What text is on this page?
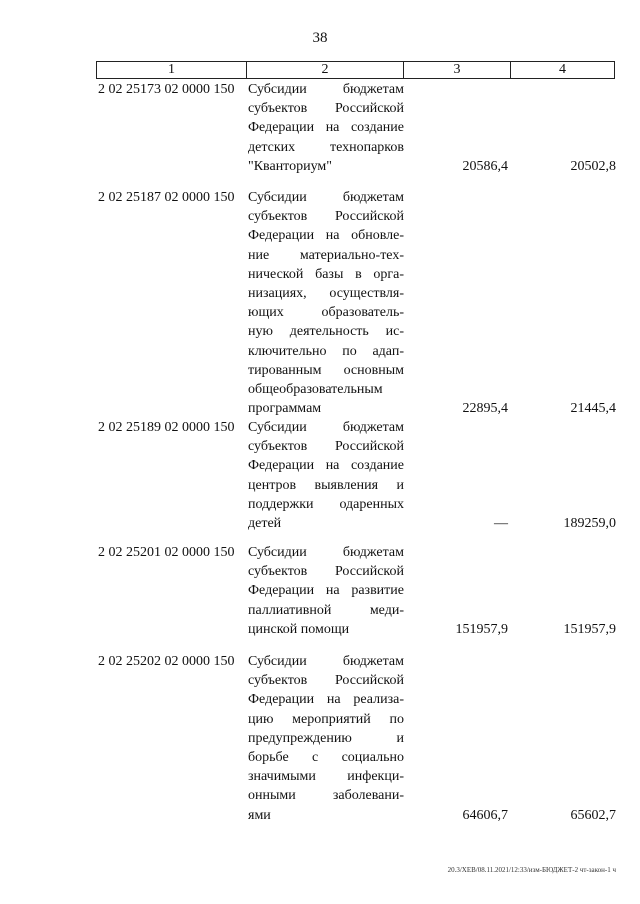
38
1	2	3	4
2 02 25173 02 0000 150 Субсидии бюджетам
субъектов Российской
Федерации на создание
детских технопарков
"Кванториум"	20586,4	20502,8
2 02 25187 02 0000 150 Субсидии бюджетам
субъектов Российской
Федерации на обновле-
ние материально-тех-
нической базы в орга-
низациях, осуществля-
ющих образователь-
ную деятельность ис-
ключительно по адап-
тированным основным
общеобразовательным
программам	22895,4	21445,4
2 02 25189 02 0000 150 Субсидии бюджетам
субъектов Российской
Федерации на создание
центров выявления и
поддержки одаренных
детей	—	189259,0
2 02 25201 02 0000 150 Субсидии бюджетам
субъектов Российской
Федерации на развитие
паллиативной меди-
цинской помощи	151957,9	151957,9
2 02 25202 02 0000 150 Субсидии бюджетам
субъектов Российской
Федерации на реализа-
цию мероприятий по
предупреждению и
борьбе с социально
значимыми инфекци-
онными заболевани-
ями	64606,7	65602,7
20.3/ХЕВ/08.11.2021/12:33/изм-БЮДЖЕТ-2 чт-закон-1 ч
